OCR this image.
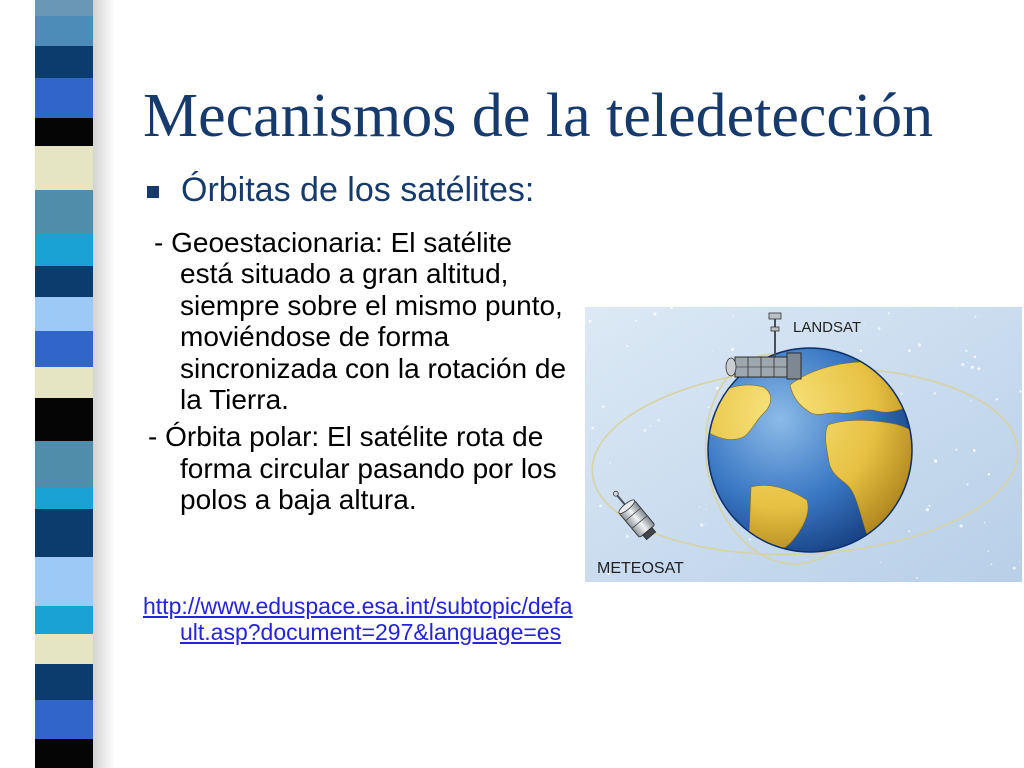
Mecanismos de la teledetección
Órbitas de los satélites:
- Geoestacionaria: El satélite
está situado a gran altitud,
siempre sobre el mismo punto,
moviéndose de forma
sincronizada con la rotación de
la Tierra.
- Órbita polar: El satélite rota de
forma circular pasando por los
polos a baja altura.
http://www.eduspace.esa.int/subtopic/defa
ult.asp?document=297&language=es
LANDSAT
METEOSAT
